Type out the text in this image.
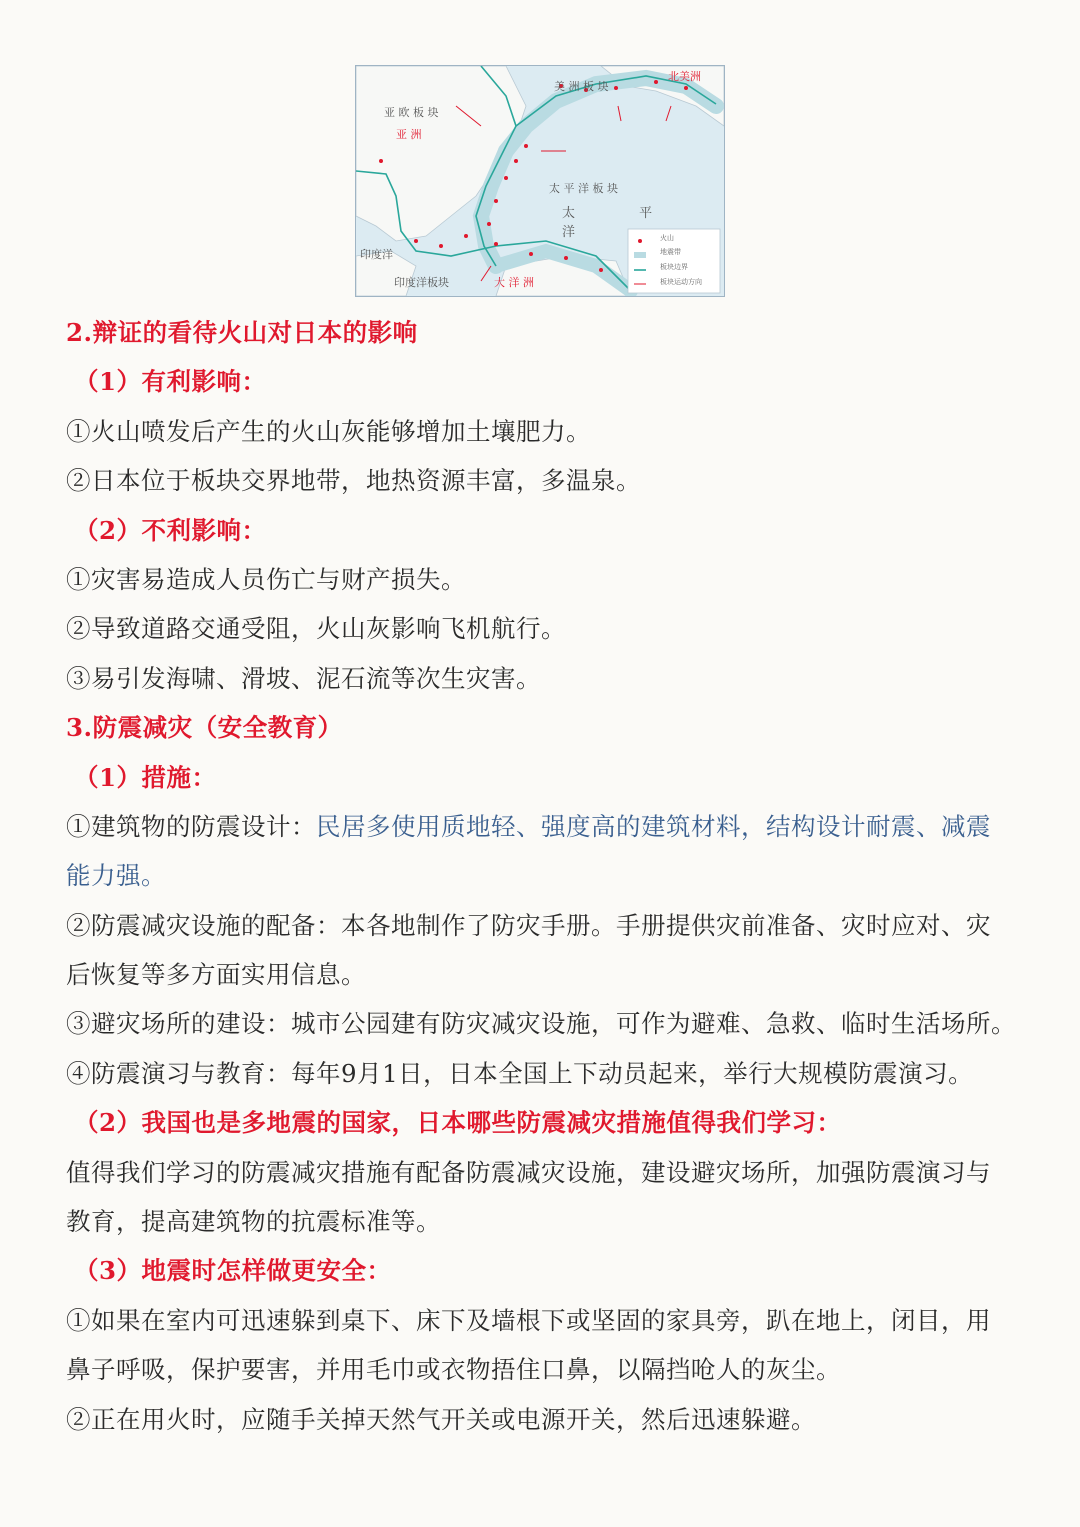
亚 欧 板 块
亚 洲
美 洲 板 块
北美洲
太 平 洋 板 块
太 平 洋
印度洋
印度洋板块	大 洋 洲
火山
地震带
板块边界
板块运动方向
2.辩证的看待火山对日本的影响
（1）有利影响：
①火山喷发后产生的火山灰能够增加土壤肥力。
②日本位于板块交界地带，地热资源丰富，多温泉。
（2）不利影响：
①灾害易造成人员伤亡与财产损失。
②导致道路交通受阻，火山灰影响飞机航行。
③易引发海啸、滑坡、泥石流等次生灾害。
3.防震减灾（安全教育）
（1）措施：
①建筑物的防震设计：民居多使用质地轻、强度高的建筑材料，结构设计耐震、减震
能力强。
②防震减灾设施的配备：本各地制作了防灾手册。手册提供灾前准备、灾时应对、灾
后恢复等多方面实用信息。
③避灾场所的建设：城市公园建有防灾减灾设施，可作为避难、急救、临时生活场所。
④防震演习与教育：每年9月1日，日本全国上下动员起来，举行大规模防震演习。
（2）我国也是多地震的国家，日本哪些防震减灾措施值得我们学习：
值得我们学习的防震减灾措施有配备防震减灾设施，建设避灾场所，加强防震演习与
教育，提高建筑物的抗震标准等。
（3）地震时怎样做更安全：
①如果在室内可迅速躲到桌下、床下及墙根下或坚固的家具旁，趴在地上，闭目，用
鼻子呼吸，保护要害，并用毛巾或衣物捂住口鼻，以隔挡呛人的灰尘。
②正在用火时，应随手关掉天然气开关或电源开关，然后迅速躲避。
